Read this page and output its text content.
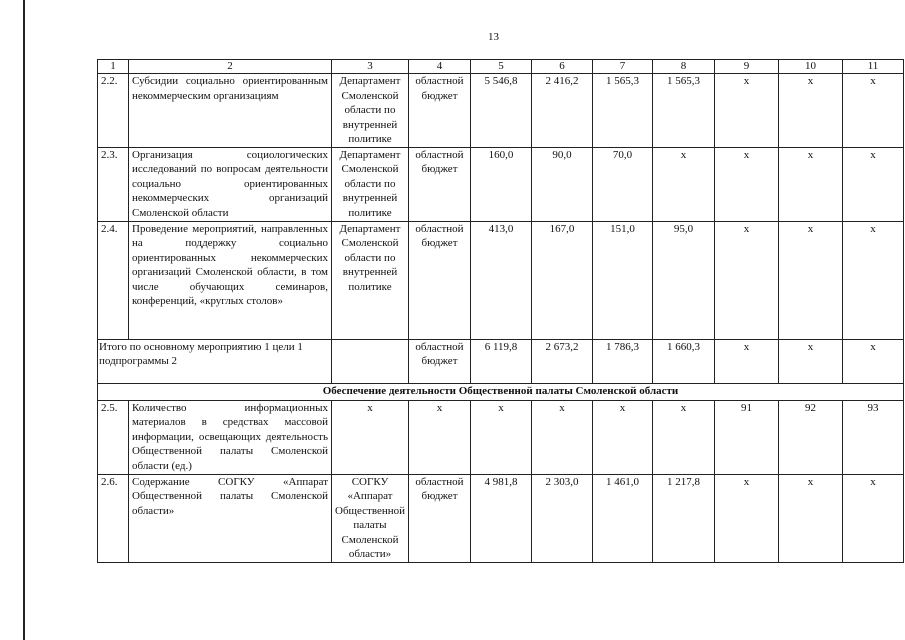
13
1	2	3	4	5	6	7	8	9	10	11
2.2.	Субсидии социально ориентированным некоммерческим организациям	Департамент Смоленской области по внутренней политике	областной бюджет	5 546,8	2 416,2	1 565,3	1 565,3	x	x	x
2.3.	Организация социологических исследований по вопросам деятельности социально ориентированных некоммерческих организаций Смоленской области	Департамент Смоленской области по внутренней политике	областной бюджет	160,0	90,0	70,0	x	x	x	x
2.4.	Проведение мероприятий, направленных на поддержку социально ориентированных некоммерческих организаций Смоленской области, в том числе обучающих семинаров, конференций, «круглых столов»	Департамент Смоленской области по внутренней политике	областной бюджет	413,0	167,0	151,0	95,0	x	x	x
Итого по основному мероприятию 1 цели 1 подпрограммы 2			областной бюджет	6 119,8	2 673,2	1 786,3	1 660,3	x	x	x
Обеспечение деятельности Общественной палаты Смоленской области										
2.5.	Количество информационных материалов в средствах массовой информации, освещающих деятельность Общественной палаты Смоленской области (ед.)	x	x	x	x	x	x	91	92	93
2.6.	Содержание СОГКУ «Аппарат Общественной палаты Смоленской области»	СОГКУ «Аппарат Общественной палаты Смоленской области»	областной бюджет	4 981,8	2 303,0	1 461,0	1 217,8	x	x	x
